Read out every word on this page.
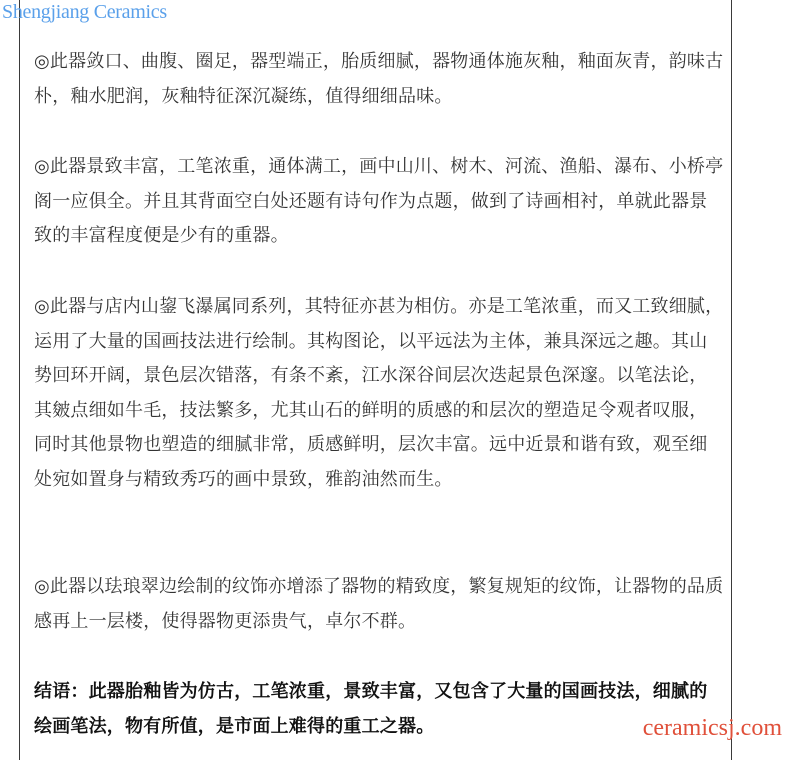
Shengjiang Ceramics

◎此器敛口、曲腹、圈足，器型端正，胎质细腻，器物通体施灰釉，釉面灰青，韵味古朴，釉水肥润，灰釉特征深沉凝练，值得细细品味。

◎此器景致丰富，工笔浓重，通体满工，画中山川、树木、河流、渔船、瀑布、小桥亭阁一应俱全。并且其背面空白处还题有诗句作为点题，做到了诗画相衬，单就此器景致的丰富程度便是少有的重器。

◎此器与店内山鋆飞瀑属同系列，其特征亦甚为相仿。亦是工笔浓重，而又工致细腻，运用了大量的国画技法进行绘制。其构图论，以平远法为主体，兼具深远之趣。其山势回环开阔，景色层次错落，有条不紊，江水深谷间层次迭起景色深邃。以笔法论，其皴点细如牛毛，技法繁多，尤其山石的鲜明的质感的和层次的塑造足令观者叹服，同时其他景物也塑造的细腻非常，质感鲜明，层次丰富。远中近景和谐有致，观至细处宛如置身与精致秀巧的画中景致，雅韵油然而生。

◎此器以珐琅翠边绘制的纹饰亦增添了器物的精致度，繁复规矩的纹饰，让器物的品质感再上一层楼，使得器物更添贵气，卓尔不群。

结语：此器胎釉皆为仿古，工笔浓重，景致丰富，又包含了大量的国画技法，细腻的绘画笔法，物有所值，是市面上难得的重工之器。	ceramicsj.com
